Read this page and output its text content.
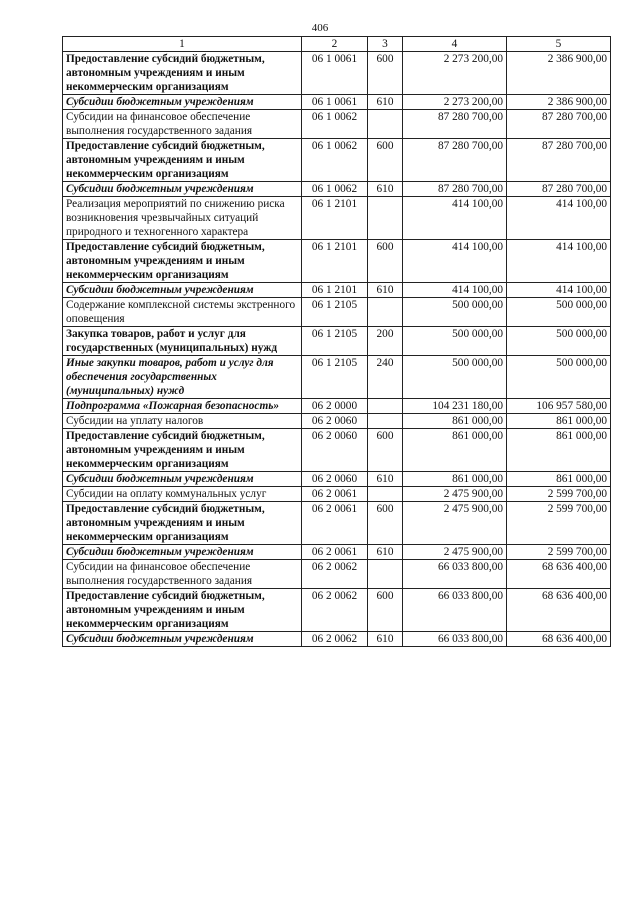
406
1	2	3	4	5
Предоставление субсидий бюджетным, автономным учреждениям и иным некоммерческим организациям	06 1 0061	600	2 273 200,00	2 386 900,00
Субсидии бюджетным учреждениям	06 1 0061	610	2 273 200,00	2 386 900,00
Субсидии на финансовое обеспечение выполнения государственного задания	06 1 0062		87 280 700,00	87 280 700,00
Предоставление субсидий бюджетным, автономным учреждениям и иным некоммерческим организациям	06 1 0062	600	87 280 700,00	87 280 700,00
Субсидии бюджетным учреждениям	06 1 0062	610	87 280 700,00	87 280 700,00
Реализация мероприятий по снижению риска возникновения чрезвычайных ситуаций природного и техногенного характера	06 1 2101		414 100,00	414 100,00
Предоставление субсидий бюджетным, автономным учреждениям и иным некоммерческим организациям	06 1 2101	600	414 100,00	414 100,00
Субсидии бюджетным учреждениям	06 1 2101	610	414 100,00	414 100,00
Содержание комплексной системы экстренного оповещения	06 1 2105		500 000,00	500 000,00
Закупка товаров, работ и услуг для государственных (муниципальных) нужд	06 1 2105	200	500 000,00	500 000,00
Иные закупки товаров, работ и услуг для обеспечения государственных (муниципальных) нужд	06 1 2105	240	500 000,00	500 000,00
Подпрограмма «Пожарная безопасность»	06 2 0000		104 231 180,00	106 957 580,00
Субсидии на уплату налогов	06 2 0060		861 000,00	861 000,00
Предоставление субсидий бюджетным, автономным учреждениям и иным некоммерческим организациям	06 2 0060	600	861 000,00	861 000,00
Субсидии бюджетным учреждениям	06 2 0060	610	861 000,00	861 000,00
Субсидии на оплату коммунальных услуг	06 2 0061		2 475 900,00	2 599 700,00
Предоставление субсидий бюджетным, автономным учреждениям и иным некоммерческим организациям	06 2 0061	600	2 475 900,00	2 599 700,00
Субсидии бюджетным учреждениям	06 2 0061	610	2 475 900,00	2 599 700,00
Субсидии на финансовое обеспечение выполнения государственного задания	06 2 0062		66 033 800,00	68 636 400,00
Предоставление субсидий бюджетным, автономным учреждениям и иным некоммерческим организациям	06 2 0062	600	66 033 800,00	68 636 400,00
Субсидии бюджетным учреждениям	06 2 0062	610	66 033 800,00	68 636 400,00
